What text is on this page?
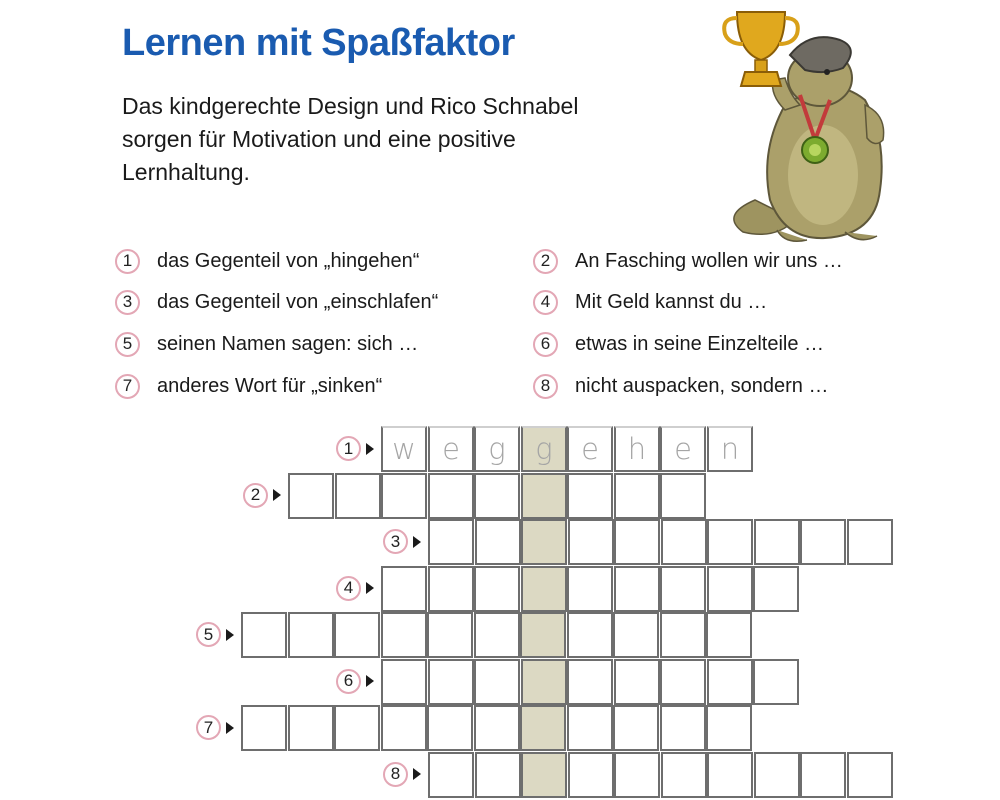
Lernen mit Spaßfaktor
Das kindgerechte Design und Rico Schnabel
sorgen für Motivation und eine positive
Lernhaltung.
1	das Gegenteil von „hingehen“	2	An Fasching wollen wir uns …
3	das Gegenteil von „einschlafen“	4	Mit Geld kannst du …
5	seinen Namen sagen: sich …	6	etwas in seine Einzelteile …
7	anderes Wort für „sinken“	8	nicht auspacken, sondern …
1	w e g	g e h e n
2
3
4
5
6
7
8
